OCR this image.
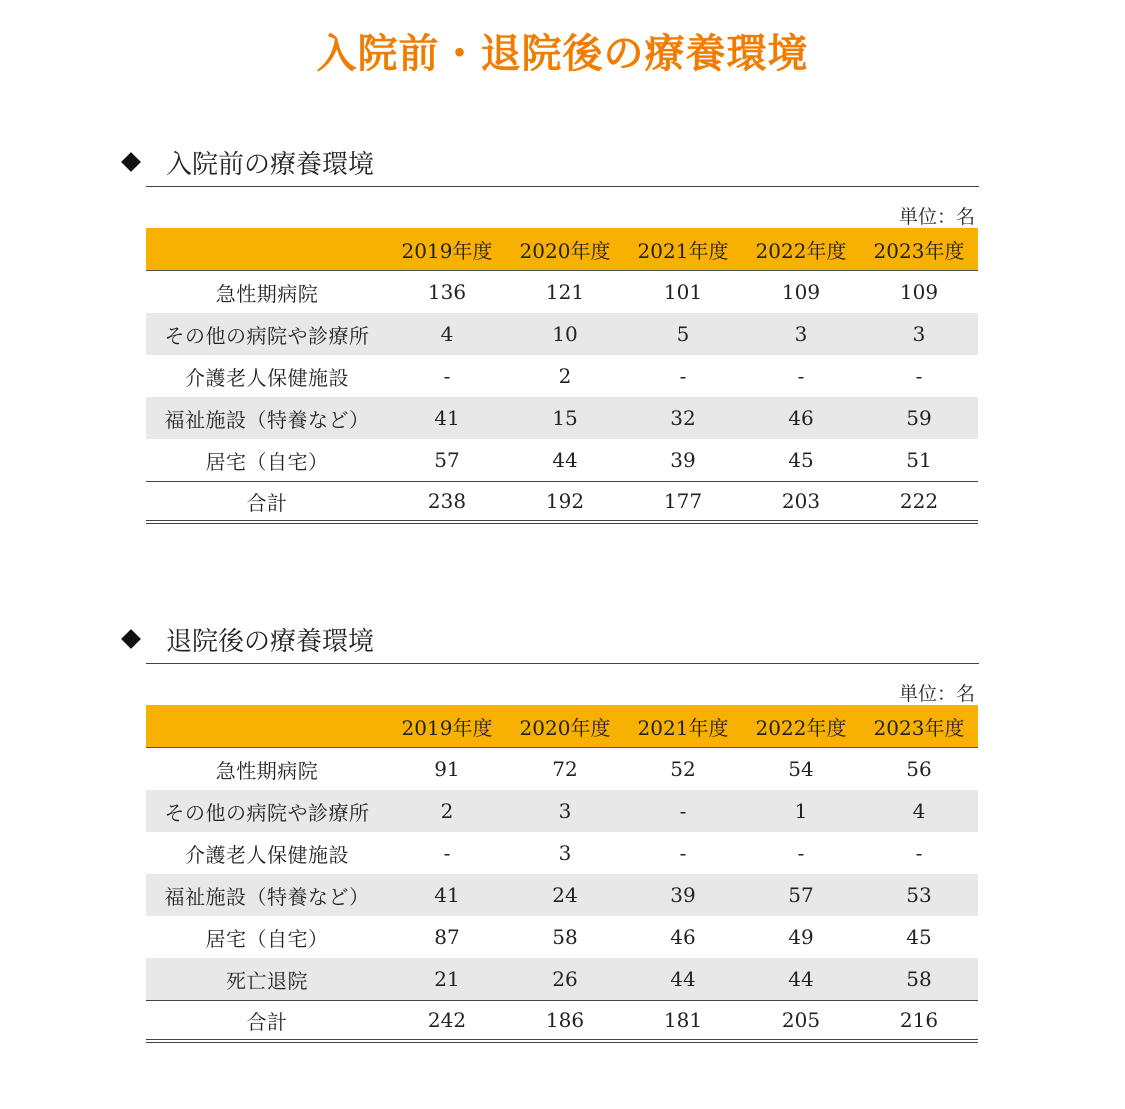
入院前・退院後の療養環境
入院前の療養環境
単位：名
	2019年度	2020年度	2021年度	2022年度	2023年度
急性期病院	136	121	101	109	109
その他の病院や診療所	4	10	5	3	3
介護老人保健施設	-	2	-	-	-
福祉施設（特養など）	41	15	32	46	59
居宅（自宅）	57	44	39	45	51
合計	238	192	177	203	222
退院後の療養環境
単位：名
	2019年度	2020年度	2021年度	2022年度	2023年度
急性期病院	91	72	52	54	56
その他の病院や診療所	2	3	-	1	4
介護老人保健施設	-	3	-	-	-
福祉施設（特養など）	41	24	39	57	53
居宅（自宅）	87	58	46	49	45
死亡退院	21	26	44	44	58
合計	242	186	181	205	216
